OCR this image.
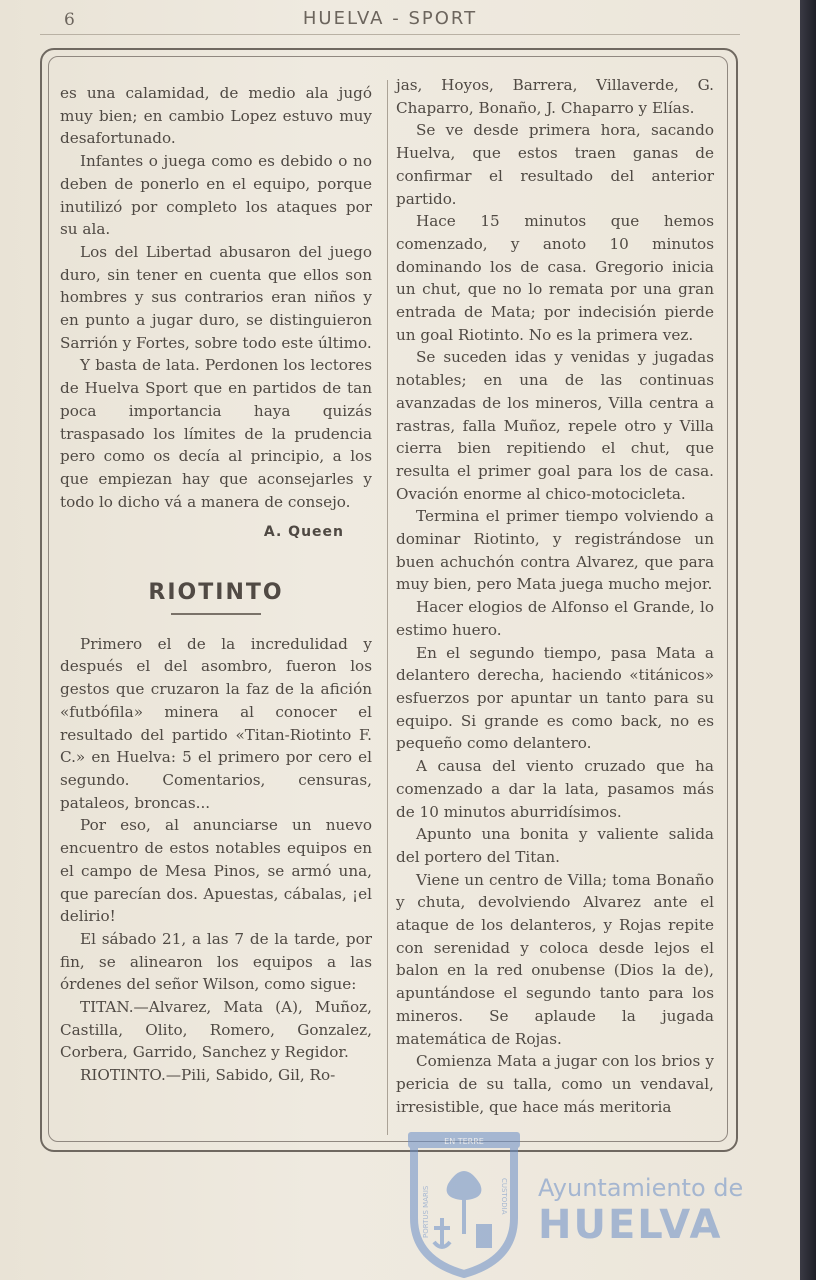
6	HUELVA - SPORT

es una calamidad, de medio ala jugó muy bien; en cambio Lopez estuvo muy desafortunado.

Infantes o juega como es debido o no deben de ponerlo en el equipo, porque inutilizó por completo los ataques por su ala.

Los del Libertad abusaron del juego duro, sin tener en cuenta que ellos son hombres y sus contrarios eran niños y en punto a jugar duro, se distinguieron Sarrión y Fortes, sobre todo este último.

Y basta de lata. Perdonen los lectores de Huelva Sport que en partidos de tan poca importancia haya quizás traspasado los límites de la prudencia pero como os decía al principio, a los que empiezan hay que aconsejarles y todo lo dicho vá a manera de consejo.

A. Queen

RIOTINTO

Primero el de la incredulidad y después el del asombro, fueron los gestos que cruzaron la faz de la afición «futbófila» minera al conocer el resultado del partido «Titan-Riotinto F. C.» en Huelva: 5 el primero por cero el segundo. Comentarios, censuras, pataleos, broncas...

Por eso, al anunciarse un nuevo encuentro de estos notables equipos en el campo de Mesa Pinos, se armó una, que parecían dos. Apuestas, cábalas, ¡el delirio!

El sábado 21, a las 7 de la tarde, por fin, se alinearon los equipos a las órdenes del señor Wilson, como sigue:

TITAN.—Alvarez, Mata (A), Muñoz, Castilla, Olito, Romero, Gonzalez, Corbera, Garrido, Sanchez y Regidor.

RIOTINTO.—Pili, Sabido, Gil, Ro-

jas, Hoyos, Barrera, Villaverde, G. Chaparro, Bonaño, J. Chaparro y Elías.

Se ve desde primera hora, sacando Huelva, que estos traen ganas de confirmar el resultado del anterior partido.

Hace 15 minutos que hemos comenzado, y anoto 10 minutos dominando los de casa. Gregorio inicia un chut, que no lo remata por una gran entrada de Mata; por indecisión pierde un goal Riotinto. No es la primera vez.

Se suceden idas y venidas y jugadas notables; en una de las continuas avanzadas de los mineros, Villa centra a rastras, falla Muñoz, repele otro y Villa cierra bien repitiendo el chut, que resulta el primer goal para los de casa. Ovación enorme al chico-motocicleta.

Termina el primer tiempo volviendo a dominar Riotinto, y registrándose un buen achuchón contra Alvarez, que para muy bien, pero Mata juega mucho mejor.

Hacer elogios de Alfonso el Grande, lo estimo huero.

En el segundo tiempo, pasa Mata a delantero derecha, haciendo «titánicos» esfuerzos por apuntar un tanto para su equipo. Si grande es como back, no es pequeño como delantero.

A causa del viento cruzado que ha comenzado a dar la lata, pasamos más de 10 minutos aburridísimos.

Apunto una bonita y valiente salida del portero del Titan.

Viene un centro de Villa; toma Bonaño y chuta, devolviendo Alvarez ante el ataque de los delanteros, y Rojas repite con serenidad y coloca desde lejos el balon en la red onubense (Dios la de), apuntándose el segundo tanto para los mineros. Se aplaude la jugada matemática de Rojas.

Comienza Mata a jugar con los brios y pericia de su talla, como un vendaval, irresistible, que hace más meritoria

EN TERRE
PORTUS MARIS	CUSTODIA Ayuntamiento de
HUELVA
